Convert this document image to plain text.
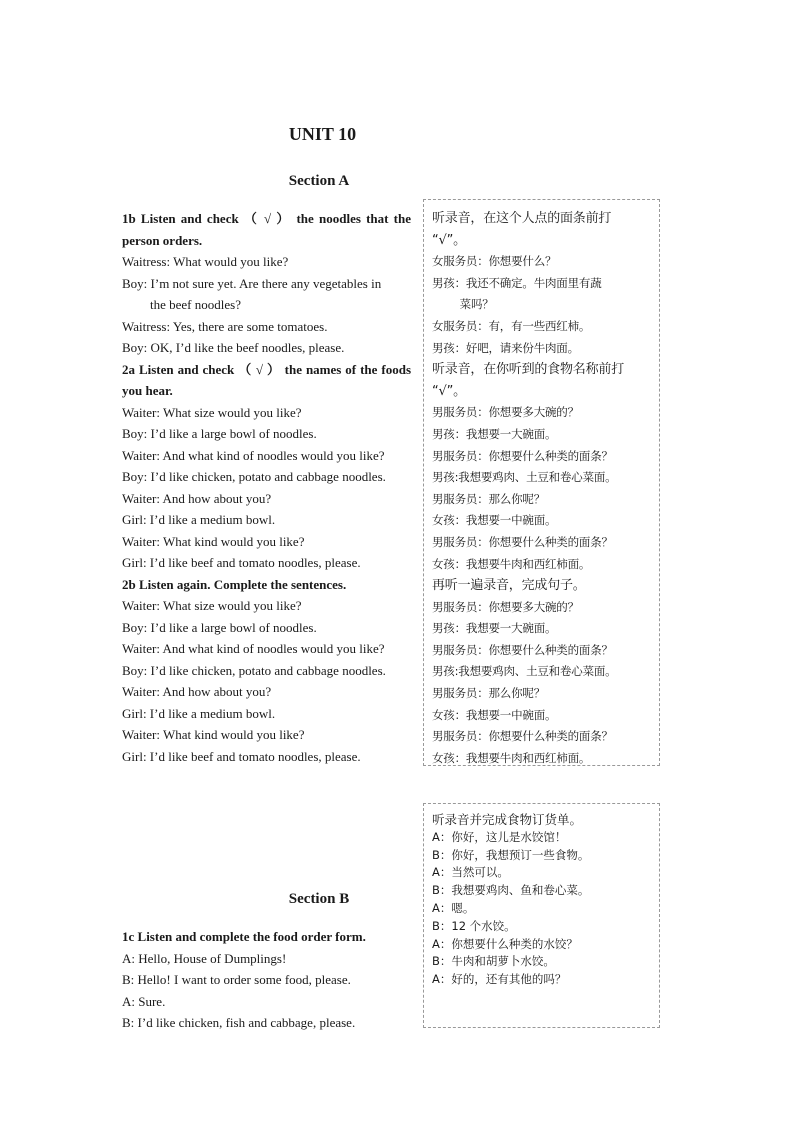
UNIT 10
Section A
1b Listen and check （ √ ） the noodles that the person orders.
Waitress: What would you like?
Boy: I’m not sure yet. Are there any vegetables in
the beef noodles?
Waitress: Yes, there are some tomatoes.
Boy: OK, I’d like the beef noodles, please.
2a Listen and check （ √ ） the names of the foods you hear.
Waiter: What size would you like?
Boy: I’d like a large bowl of noodles.
Waiter: And what kind of noodles would you like?
Boy: I’d like chicken, potato and cabbage noodles.
Waiter: And how about you?
Girl: I’d like a medium bowl.
Waiter: What kind would you like?
Girl: I’d like beef and tomato noodles, please.
2b Listen again. Complete the sentences.
Waiter: What size would you like?
Boy: I’d like a large bowl of noodles.
Waiter: And what kind of noodles would you like?
Boy: I’d like chicken, potato and cabbage noodles.
Waiter: And how about you?
Girl: I’d like a medium bowl.
Waiter: What kind would you like?
Girl: I’d like beef and tomato noodles, please.
Section B
1c Listen and complete the food order form.
A: Hello, House of Dumplings!
B: Hello! I want to order some food, please.
A: Sure.
B: I’d like chicken, fish and cabbage, please.
听录音，在这个人点的面条前打
“√”。
女服务员：你想要什么？
男孩：我还不确定。牛肉面里有蔬
菜吗？
女服务员：有，有一些西红柿。
男孩：好吧，请来份牛肉面。
听录音，在你听到的食物名称前打
“√”。
男服务员：你想要多大碗的？
男孩：我想要一大碗面。
男服务员：你想要什么种类的面条？
男孩:我想要鸡肉、土豆和卷心菜面。
男服务员：那么你呢？
女孩：我想要一中碗面。
男服务员：你想要什么种类的面条？
女孩：我想要牛肉和西红柿面。
再听一遍录音，完成句子。
男服务员：你想要多大碗的？
男孩：我想要一大碗面。
男服务员：你想要什么种类的面条？
男孩:我想要鸡肉、土豆和卷心菜面。
男服务员：那么你呢？
女孩：我想要一中碗面。
男服务员：你想要什么种类的面条？
女孩：我想要牛肉和西红柿面。
听录音并完成食物订货单。
A：你好，这儿是水饺馆！
B：你好，我想预订一些食物。
A：当然可以。
B：我想要鸡肉、鱼和卷心菜。
A：嗯。
B：12 个水饺。
A：你想要什么种类的水饺？
B：牛肉和胡萝卜水饺。
A：好的，还有其他的吗？
